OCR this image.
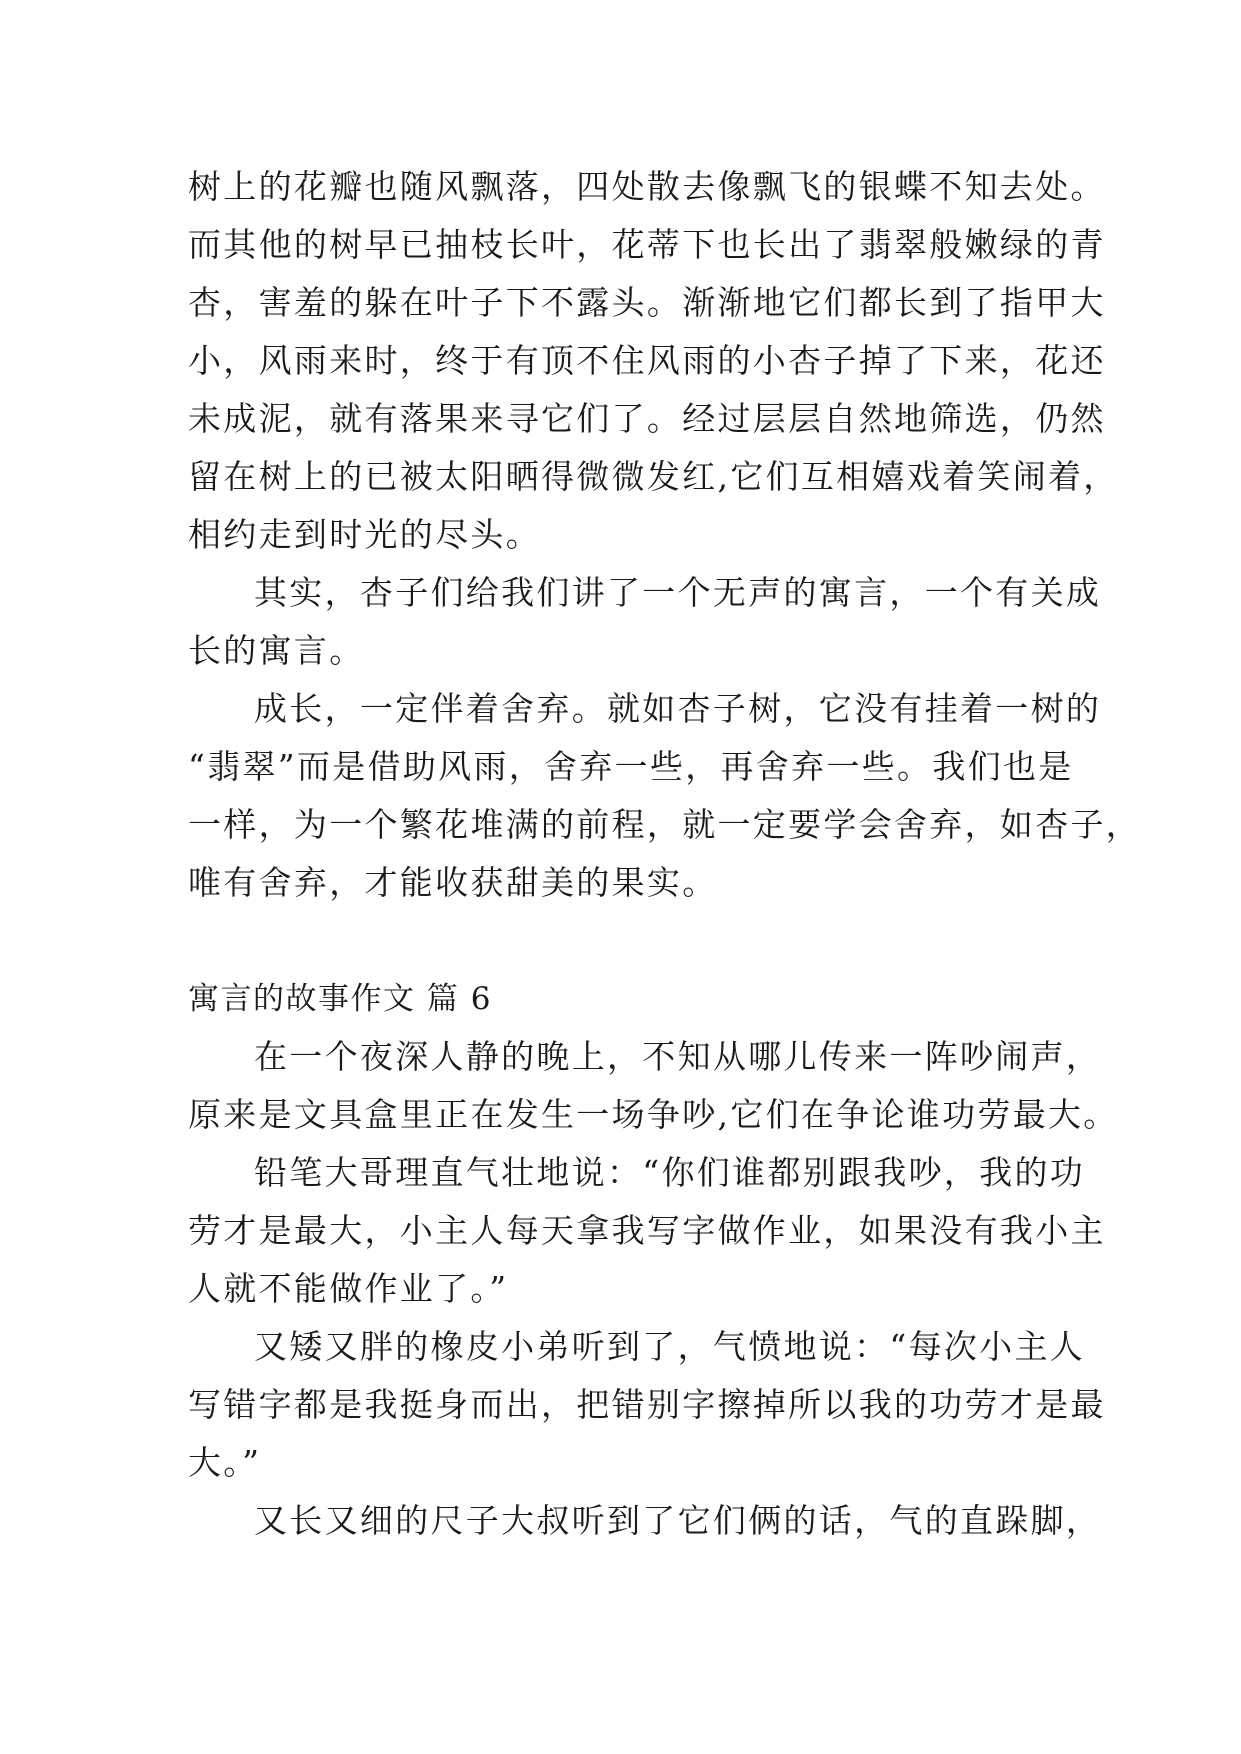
树上的花瓣也随风飘落，四处散去像飘飞的银蝶不知去处。
而其他的树早已抽枝长叶，花蒂下也长出了翡翠般嫩绿的青
杏，害羞的躲在叶子下不露头。渐渐地它们都长到了指甲大
小，风雨来时，终于有顶不住风雨的小杏子掉了下来，花还
未成泥，就有落果来寻它们了。经过层层自然地筛选，仍然
留在树上的已被太阳晒得微微发红,它们互相嬉戏着笑闹着，
相约走到时光的尽头。
其实，杏子们给我们讲了一个无声的寓言，一个有关成
长的寓言。
成长，一定伴着舍弃。就如杏子树，它没有挂着一树的
“翡翠”而是借助风雨，舍弃一些，再舍弃一些。我们也是
一样，为一个繁花堆满的前程，就一定要学会舍弃，如杏子，
唯有舍弃，才能收获甜美的果实。
寓言的故事作文 篇 6
在一个夜深人静的晚上，不知从哪儿传来一阵吵闹声，
原来是文具盒里正在发生一场争吵,它们在争论谁功劳最大。
铅笔大哥理直气壮地说：“你们谁都别跟我吵，我的功
劳才是最大，小主人每天拿我写字做作业，如果没有我小主
人就不能做作业了。”
又矮又胖的橡皮小弟听到了，气愤地说：“每次小主人
写错字都是我挺身而出，把错别字擦掉所以我的功劳才是最
大。”
又长又细的尺子大叔听到了它们俩的话，气的直跺脚，
